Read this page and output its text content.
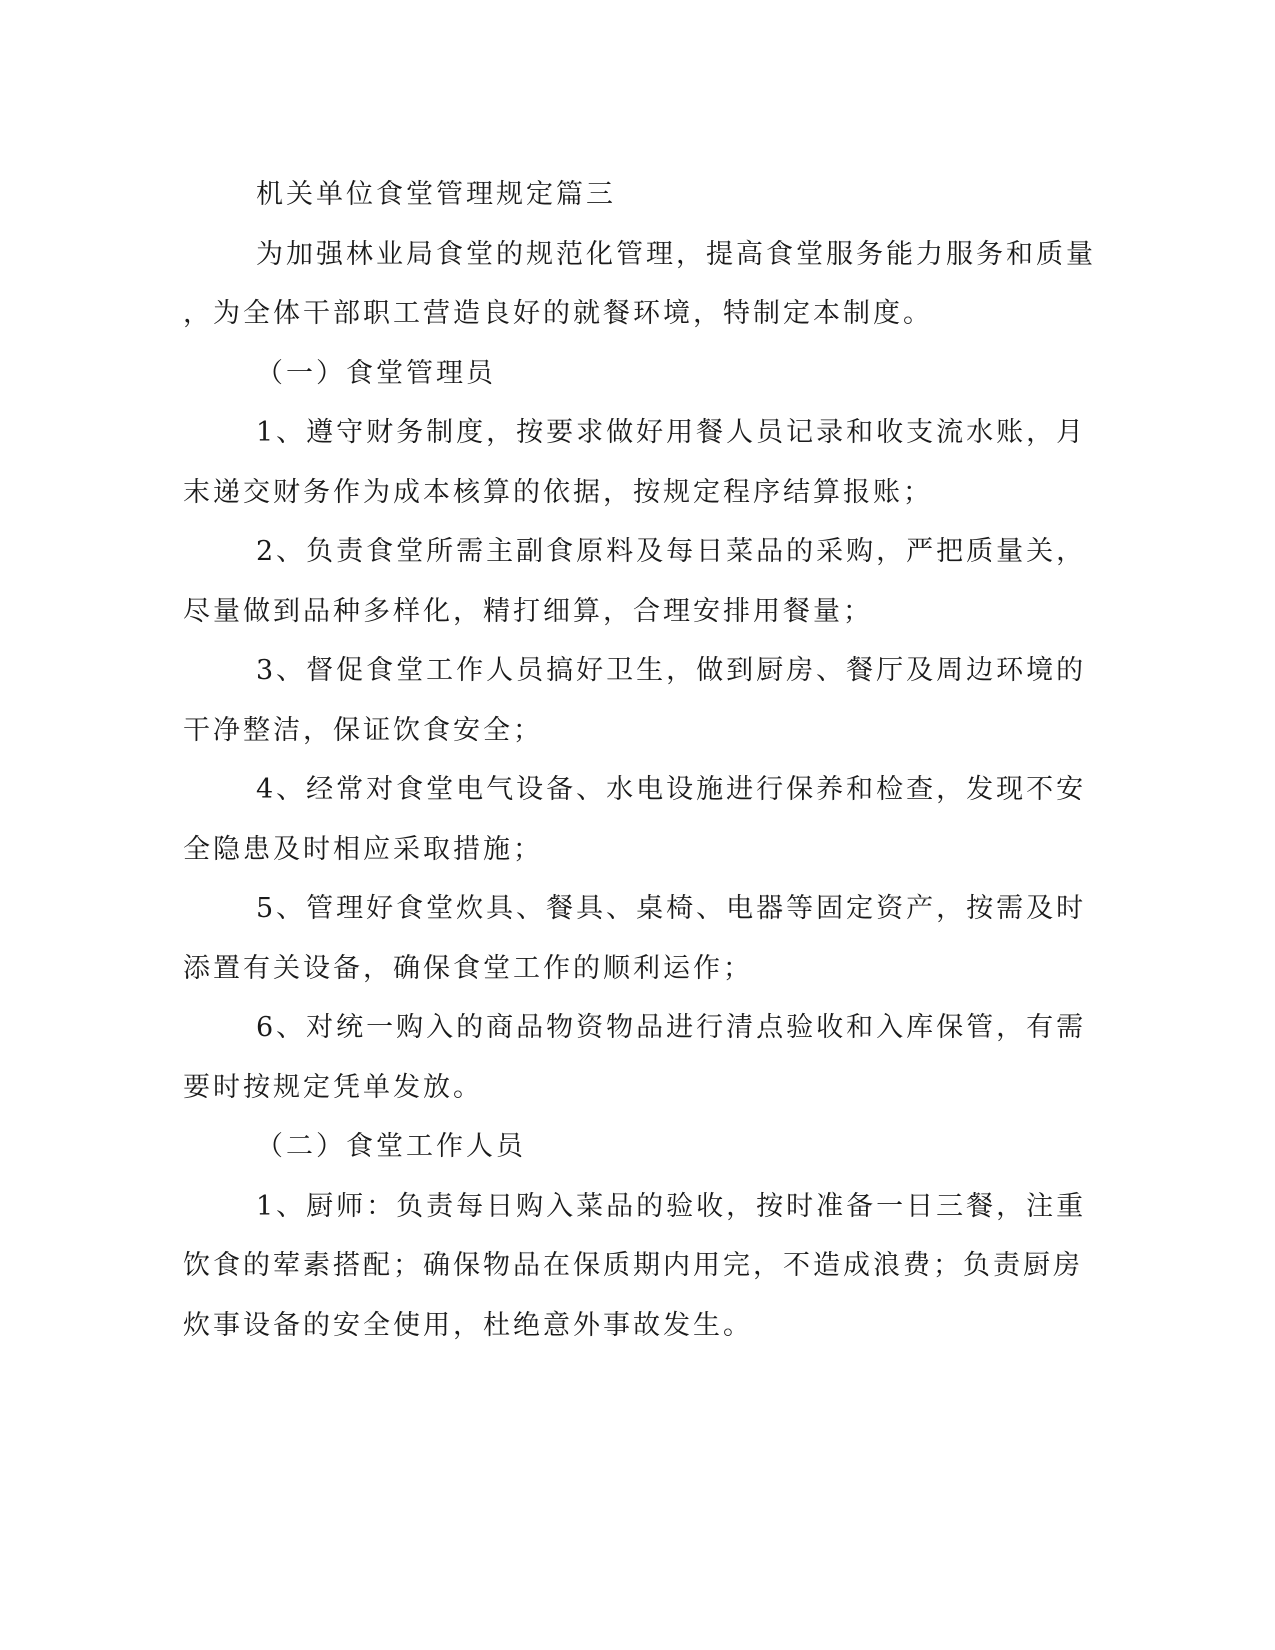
机关单位食堂管理规定篇三
为加强林业局食堂的规范化管理，提高食堂服务能力服务和质量
，为全体干部职工营造良好的就餐环境，特制定本制度。
（一）食堂管理员
1、遵守财务制度，按要求做好用餐人员记录和收支流水账，月
末递交财务作为成本核算的依据，按规定程序结算报账；
2、负责食堂所需主副食原料及每日菜品的采购，严把质量关，
尽量做到品种多样化，精打细算，合理安排用餐量；
3、督促食堂工作人员搞好卫生，做到厨房、餐厅及周边环境的
干净整洁，保证饮食安全；
4、经常对食堂电气设备、水电设施进行保养和检查，发现不安
全隐患及时相应采取措施；
5、管理好食堂炊具、餐具、桌椅、电器等固定资产，按需及时
添置有关设备，确保食堂工作的顺利运作；
6、对统一购入的商品物资物品进行清点验收和入库保管，有需
要时按规定凭单发放。
（二）食堂工作人员
1、厨师：负责每日购入菜品的验收，按时准备一日三餐，注重
饮食的荤素搭配；确保物品在保质期内用完，不造成浪费；负责厨房
炊事设备的安全使用，杜绝意外事故发生。
